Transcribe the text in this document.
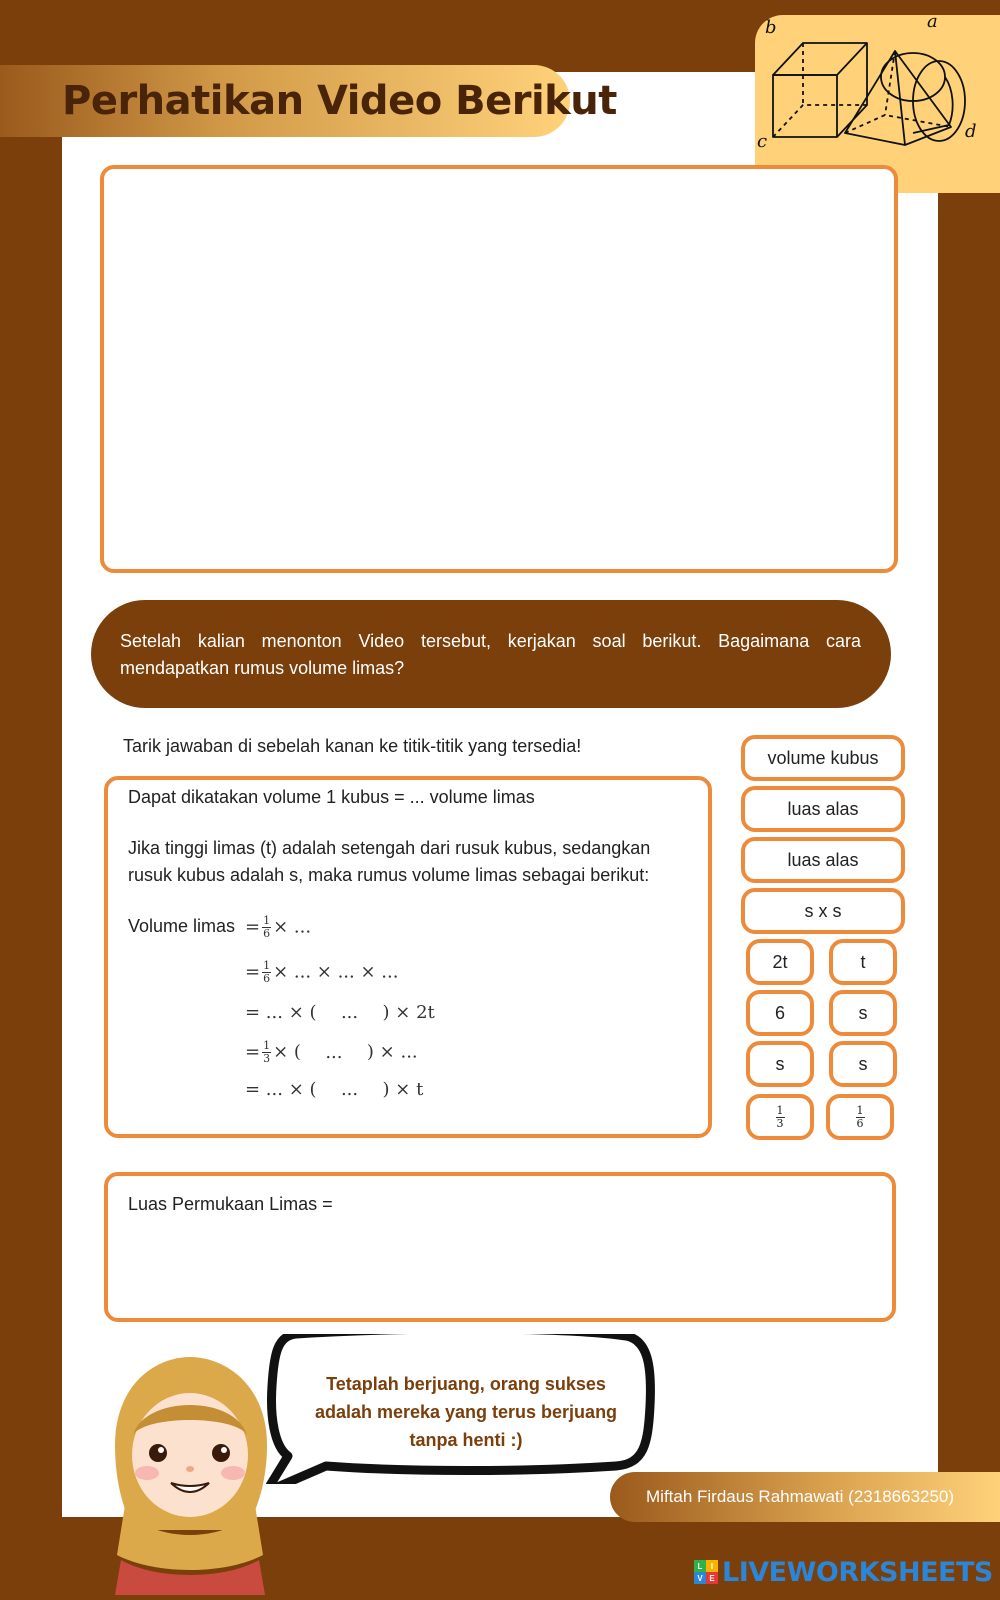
Perhatikan Video Berikut
b	a
c	d
Setelah kalian menonton Video tersebut, kerjakan soal berikut. Bagaimana cara mendapatkan rumus volume limas?
Tarik jawaban di sebelah kanan ke titik-titik yang tersedia!
Dapat dikatakan volume 1 kubus = ... volume limas
Jika tinggi limas (t) adalah setengah dari rusuk kubus, sedangkan rusuk kubus adalah s, maka rumus volume limas sebagai berikut:
Volume limas = $\frac{1}{6}$ × ...
= $\frac{1}{6}$ × ... × ... × ...
= ... × ( ... ) × 2t
= $\frac{1}{3}$ × ( ... ) × ...
= ... × ( ... ) × t
volume kubus
luas alas
luas alas
s x s
2t	t
6	s
s	s
$\frac{1}{3}$	$\frac{1}{6}$
Luas Permukaan Limas =
Tetaplah berjuang, orang sukses adalah mereka yang terus berjuang tanpa henti :)
Miftah Firdaus Rahmawati (2318663250)
L	I
V E LIVEWORKSHEETS
